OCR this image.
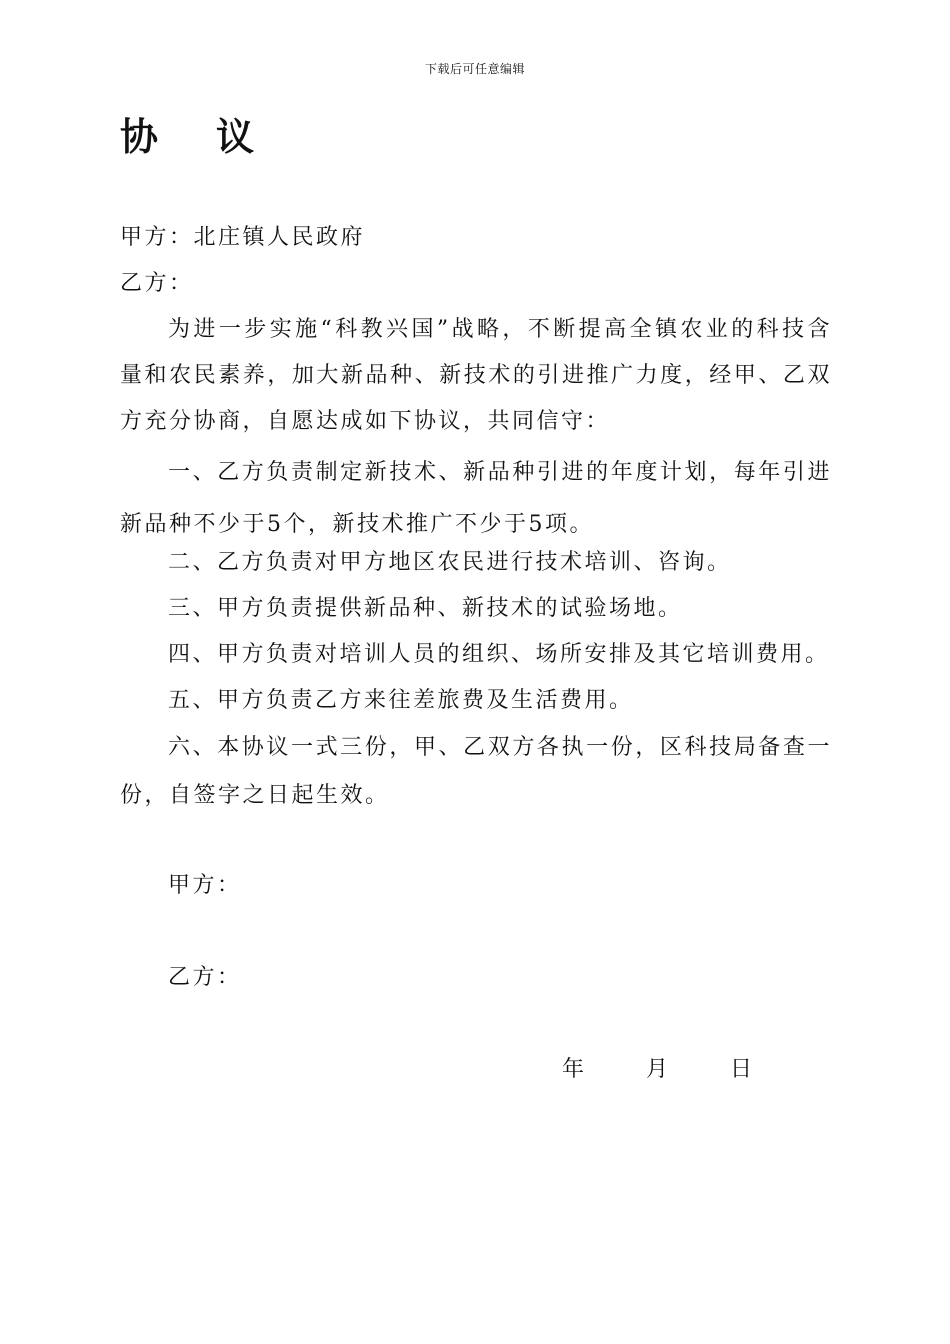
下载后可任意编辑
协议
甲方：北庄镇人民政府
乙方：
为进一步实施“科教兴国”战略，不断提高全镇农业的科技含量和农民素养，加大新品种、新技术的引进推广力度，经甲、乙双方充分协商，自愿达成如下协议，共同信守：
一、乙方负责制定新技术、新品种引进的年度计划，每年引进新品种不少于5个，新技术推广不少于5项。
二、乙方负责对甲方地区农民进行技术培训、咨询。
三、甲方负责提供新品种、新技术的试验场地。
四、甲方负责对培训人员的组织、场所安排及其它培训费用。
五、甲方负责乙方来往差旅费及生活费用。
六、本协议一式三份，甲、乙双方各执一份，区科技局备查一份，自签字之日起生效。
甲方：
乙方：
年	月	日
